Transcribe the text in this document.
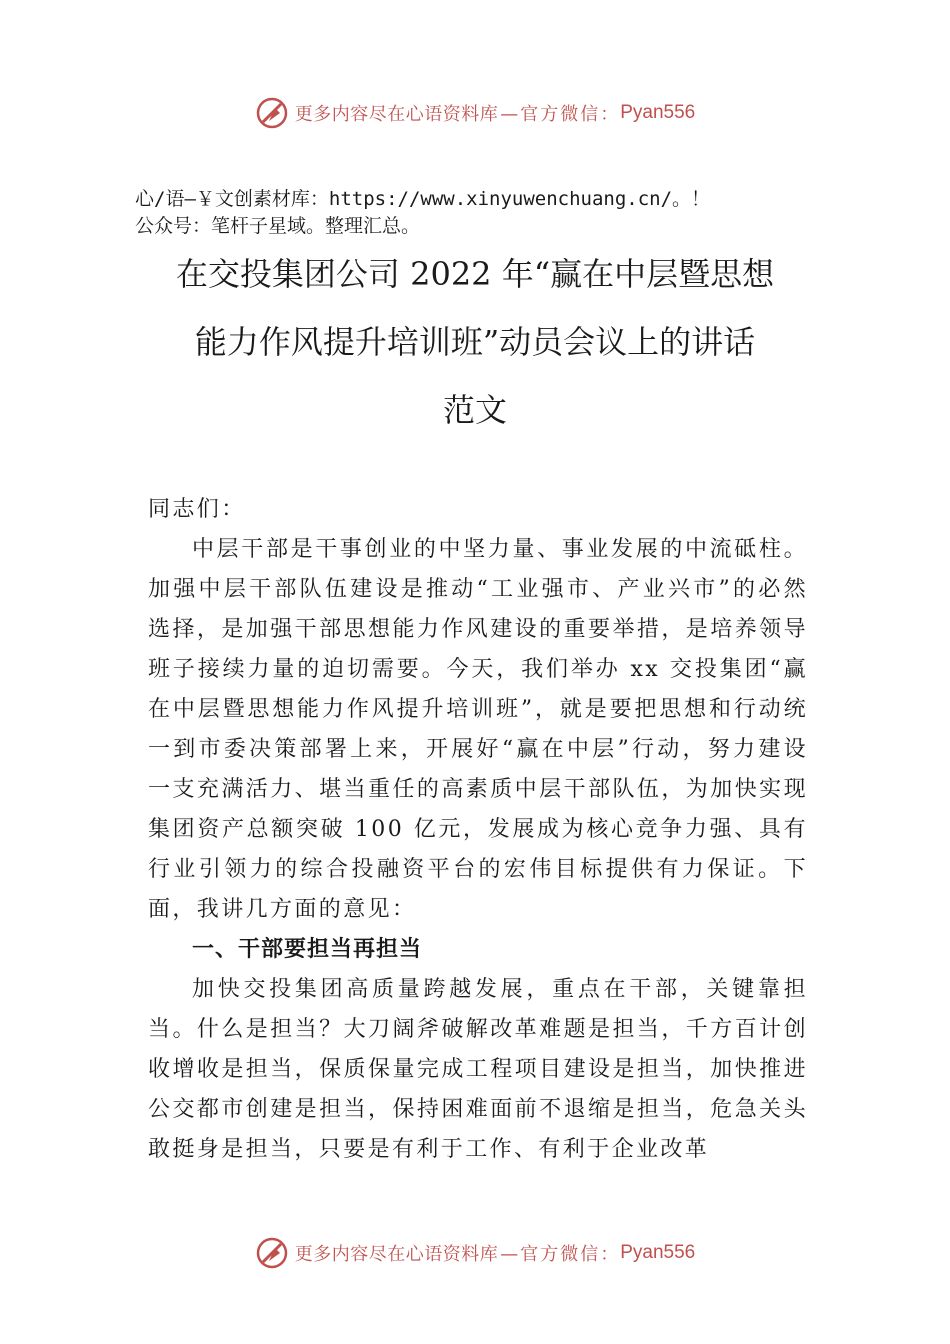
更多内容尽在心语资料库 —官方微信： Pyan556
心/语—￥文创素材库：https://www.xinyuwenchuang.cn/。！
公众号：笔杆子星域。整理汇总。
在交投集团公司 2022 年“赢在中层暨思想
能力作风提升培训班”动员会议上的讲话
范文

同志们：

中层干部是干事创业的中坚力量、事业发展的中流砥柱。加强中层干部队伍建设是推动“工业强市、产业兴市”的必然选择，是加强干部思想能力作风建设的重要举措，是培养领导班子接续力量的迫切需要。今天，我们举办 xx 交投集团“赢在中层暨思想能力作风提升培训班”，就是要把思想和行动统一到市委决策部署上来，开展好“赢在中层”行动，努力建设一支充满活力、堪当重任的高素质中层干部队伍，为加快实现集团资产总额突破 100 亿元，发展成为核心竞争力强、具有行业引领力的综合投融资平台的宏伟目标提供有力保证。下面，我讲几方面的意见：

一、干部要担当再担当

加快交投集团高质量跨越发展，重点在干部，关键靠担当。什么是担当？大刀阔斧破解改革难题是担当，千方百计创收增收是担当，保质保量完成工程项目建设是担当，加快推进公交都市创建是担当，保持困难面前不退缩是担当，危急关头敢挺身是担当，只要是有利于工作、有利于企业改革

更多内容尽在心语资料库 —官方微信： Pyan556
